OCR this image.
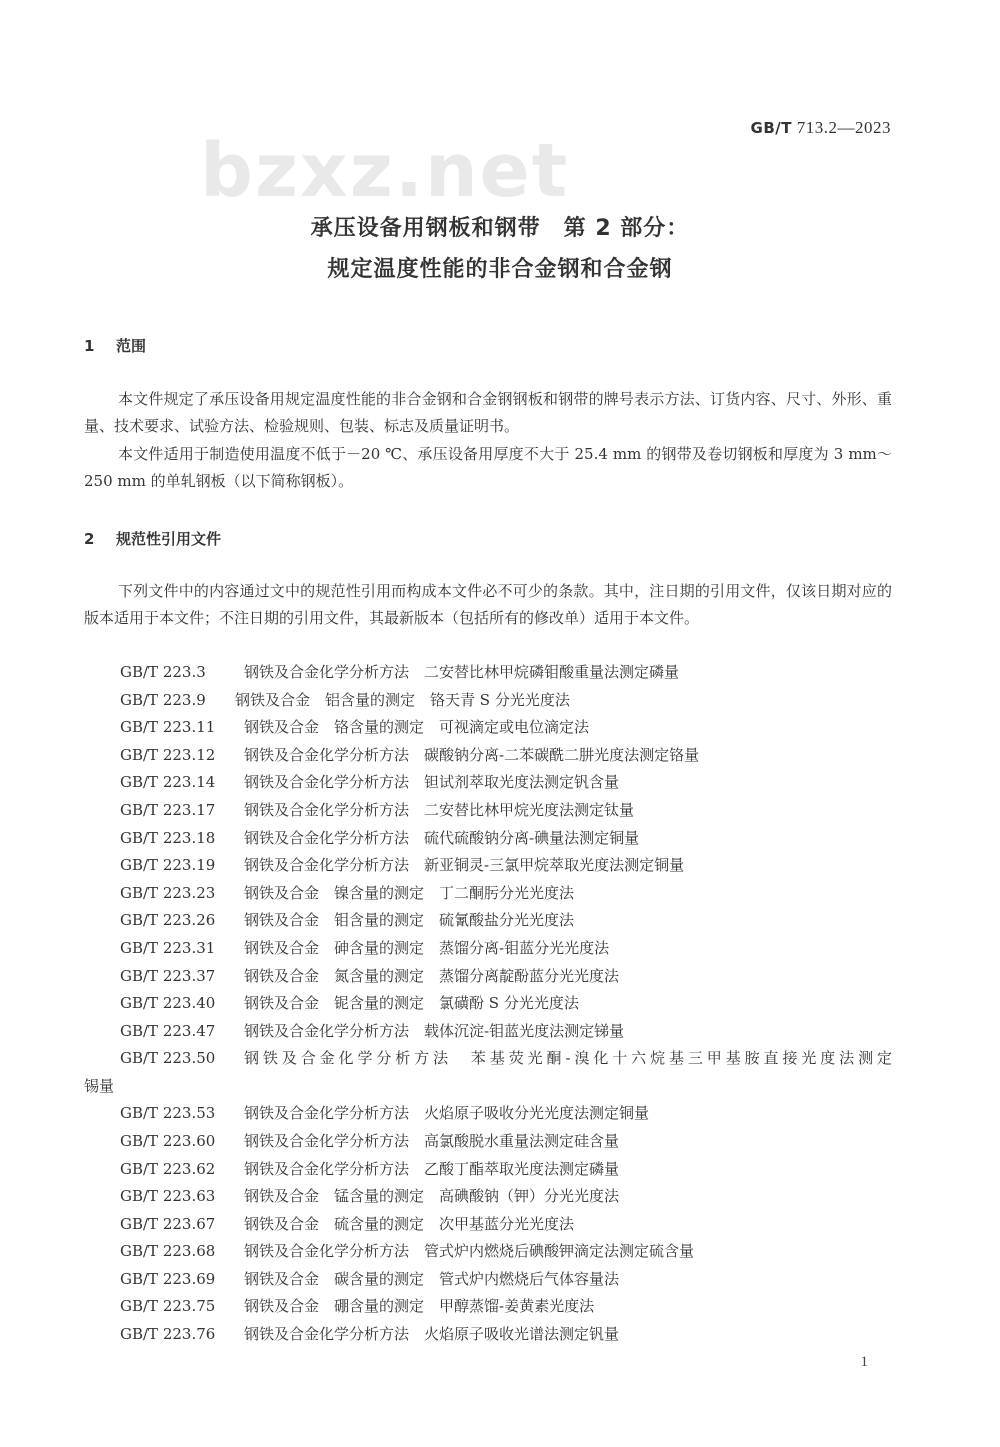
bzxz.net	GB/T 713.2—2023
承压设备用钢板和钢带　第 2 部分：
规定温度性能的非合金钢和合金钢
1 范围
本文件规定了承压设备用规定温度性能的非合金钢和合金钢钢板和钢带的牌号表示方法、订货内容、尺寸、外形、重量、技术要求、试验方法、检验规则、包装、标志及质量证明书。
本文件适用于制造使用温度不低于－20 ℃、承压设备用厚度不大于 25.4 mm 的钢带及卷切钢板和厚度为 3 mm～250 mm 的单轧钢板（以下简称钢板）。
2 规范性引用文件
下列文件中的内容通过文中的规范性引用而构成本文件必不可少的条款。其中，注日期的引用文件，仅该日期对应的版本适用于本文件；不注日期的引用文件，其最新版本（包括所有的修改单）适用于本文件。
GB/T 223.3	钢铁及合金化学分析方法　二安替比林甲烷磷钼酸重量法测定磷量
GB/T 223.9 钢铁及合金　铝含量的测定　铬天青 S 分光光度法
GB/T 223.11 钢铁及合金　铬含量的测定　可视滴定或电位滴定法
GB/T 223.12 钢铁及合金化学分析方法　碳酸钠分离-二苯碳酰二肼光度法测定铬量
GB/T 223.14 钢铁及合金化学分析方法　钽试剂萃取光度法测定钒含量
GB/T 223.17 钢铁及合金化学分析方法　二安替比林甲烷光度法测定钛量
GB/T 223.18 钢铁及合金化学分析方法　硫代硫酸钠分离-碘量法测定铜量
GB/T 223.19 钢铁及合金化学分析方法　新亚铜灵-三氯甲烷萃取光度法测定铜量
GB/T 223.23 钢铁及合金　镍含量的测定　丁二酮肟分光光度法
GB/T 223.26 钢铁及合金　钼含量的测定　硫氰酸盐分光光度法
GB/T 223.31 钢铁及合金　砷含量的测定　蒸馏分离-钼蓝分光光度法
GB/T 223.37 钢铁及合金　氮含量的测定　蒸馏分离靛酚蓝分光光度法
GB/T 223.40 钢铁及合金　铌含量的测定　氯磺酚 S 分光光度法
GB/T 223.47 钢铁及合金化学分析方法　载体沉淀-钼蓝光度法测定锑量
GB/T 223.50 钢铁及合金化学分析方法　苯基荧光酮-溴化十六烷基三甲基胺直接光度法测定
锡量
GB/T 223.53 钢铁及合金化学分析方法　火焰原子吸收分光光度法测定铜量
GB/T 223.60 钢铁及合金化学分析方法　高氯酸脱水重量法测定硅含量
GB/T 223.62 钢铁及合金化学分析方法　乙酸丁酯萃取光度法测定磷量
GB/T 223.63 钢铁及合金　锰含量的测定　高碘酸钠（钾）分光光度法
GB/T 223.67 钢铁及合金　硫含量的测定　次甲基蓝分光光度法
GB/T 223.68 钢铁及合金化学分析方法　管式炉内燃烧后碘酸钾滴定法测定硫含量
GB/T 223.69 钢铁及合金　碳含量的测定　管式炉内燃烧后气体容量法
GB/T 223.75 钢铁及合金　硼含量的测定　甲醇蒸馏-姜黄素光度法
GB/T 223.76 钢铁及合金化学分析方法　火焰原子吸收光谱法测定钒量
1
